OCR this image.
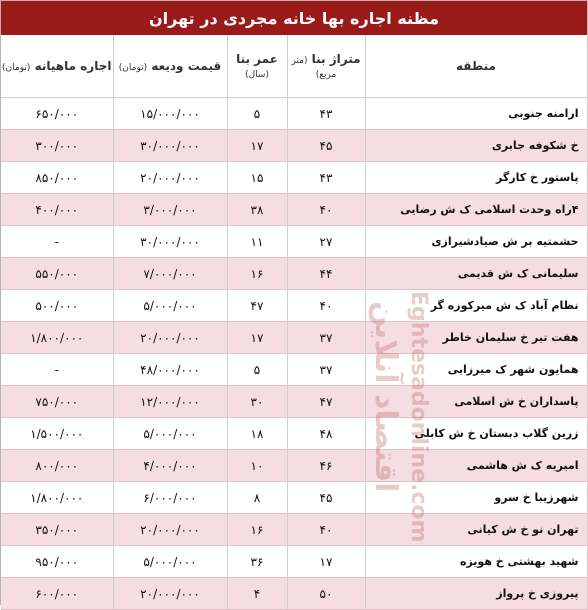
مظنه اجاره بها خانه مجردی در تهران
منطقه	متراژ بنا (متر مربع)	عمر بنا (سال)	قیمت ودیعه (تومان)	اجاره ماهیانه (تومان)
ارامنه جنوبی	۴۳	۵	۱۵/۰۰۰/۰۰۰	۶۵۰/۰۰۰
خ شکوفه جابری	۴۵	۱۷	۳۰/۰۰۰/۰۰۰	۳۰۰/۰۰۰
پاستور خ کارگر	۴۳	۱۵	۲۰/۰۰۰/۰۰۰	۸۵۰/۰۰۰
۴راه وحدت اسلامی ک ش رضایی	۴۰	۳۸	۳/۰۰۰/۰۰۰	۴۰۰/۰۰۰
حشمتیه بر ش صیادشیرازی	۲۷	۱۱	۳۰/۰۰۰/۰۰۰	-
سلیمانی ک ش قدیمی	۴۴	۱۶	۷/۰۰۰/۰۰۰	۵۵۰/۰۰۰
نظام آباد ک ش میرکوزه گر	۴۰	۴۷	۵/۰۰۰/۰۰۰	۵۰۰/۰۰۰
هفت تیر خ سلیمان خاطر	۳۷	۱۷	۲۰/۰۰۰/۰۰۰	۱/۸۰۰/۰۰۰
همایون شهر ک میرزایی	۳۷	۵	۴۸/۰۰۰/۰۰۰	-
پاسداران خ ش اسلامی	۴۷	۳۰	۱۲/۰۰۰/۰۰۰	۷۵۰/۰۰۰
زرین گلاب دبستان خ ش کابلی	۴۸	۱۸	۵/۰۰۰/۰۰۰	۱/۵۰۰/۰۰۰
امیریه ک ش هاشمی	۴۶	۱۰	۴/۰۰۰/۰۰۰	۸۰۰/۰۰۰
شهرزیبا خ سرو	۴۵	۸	۶/۰۰۰/۰۰۰	۱/۸۰۰/۰۰۰
تهران نو خ ش کیانی	۴۰	۱۶	۲۰/۰۰۰/۰۰۰	۳۵۰/۰۰۰
شهید بهشتی خ هویزه	۱۷	۳۶	۵/۰۰۰/۰۰۰	۹۵۰/۰۰۰
پیروزی خ پرواز	۵۰	۴	۲۰/۰۰۰/۰۰۰	۶۰۰/۰۰۰
اقتصاد آنلاین Eghtesadonline.com
